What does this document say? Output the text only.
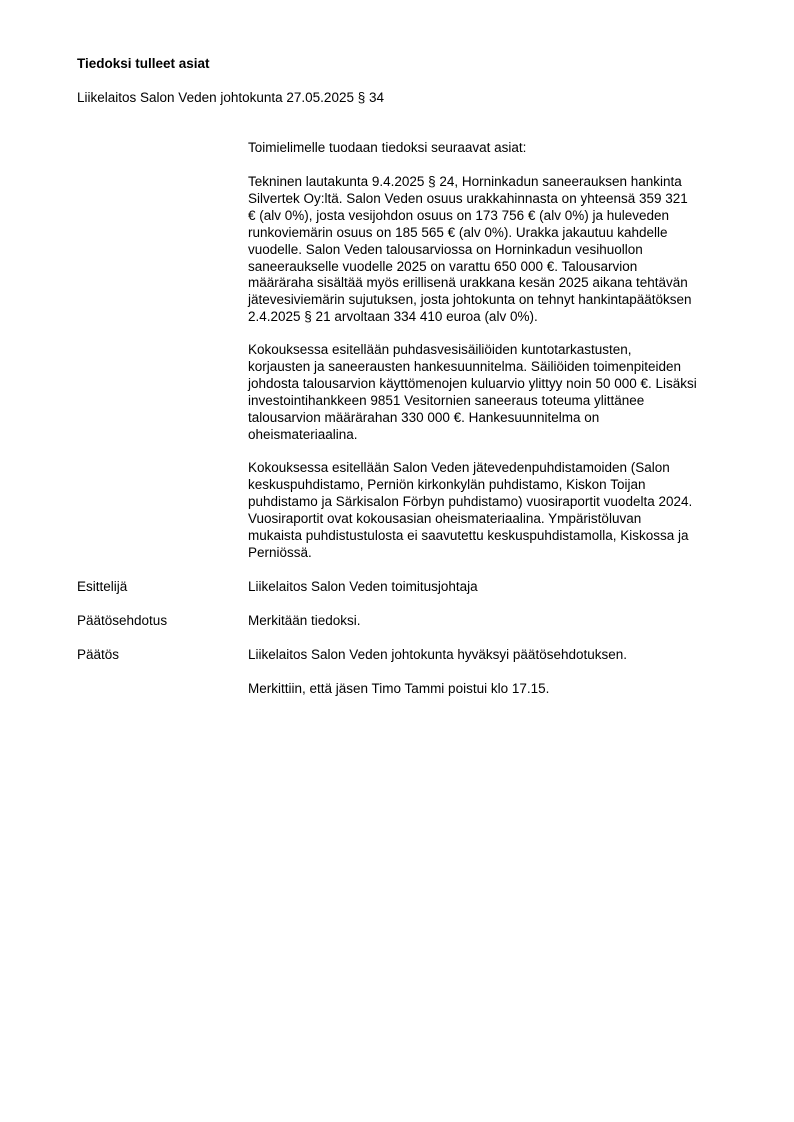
Tiedoksi tulleet asiat
Liikelaitos Salon Veden johtokunta 27.05.2025 § 34
Toimielimelle tuodaan tiedoksi seuraavat asiat:
Tekninen lautakunta 9.4.2025 § 24, Horninkadun saneerauksen hankinta
Silvertek Oy:ltä. Salon Veden osuus urakkahinnasta on yhteensä 359 321
€ (alv 0%), josta vesijohdon osuus on 173 756 € (alv 0%) ja huleveden
runkoviemärin osuus on 185 565 € (alv 0%). Urakka jakautuu kahdelle
vuodelle. Salon Veden talousarviossa on Horninkadun vesihuollon
saneeraukselle vuodelle 2025 on varattu 650 000 €. Talousarvion
määräraha sisältää myös erillisenä urakkana kesän 2025 aikana tehtävän
jätevesiviemärin sujutuksen, josta johtokunta on tehnyt hankintapäätöksen
2.4.2025 § 21 arvoltaan 334 410 euroa (alv 0%).
Kokouksessa esitellään puhdasvesisäiliöiden kuntotarkastusten,
korjausten ja saneerausten hankesuunnitelma. Säiliöiden toimenpiteiden
johdosta talousarvion käyttömenojen kuluarvio ylittyy noin 50 000 €. Lisäksi
investointihankkeen 9851 Vesitornien saneeraus toteuma ylittänee
talousarvion määrärahan 330 000 €. Hankesuunnitelma on
oheismateriaalina.
Kokouksessa esitellään Salon Veden jätevedenpuhdistamoiden (Salon
keskuspuhdistamo, Perniön kirkonkylän puhdistamo, Kiskon Toijan
puhdistamo ja Särkisalon Förbyn puhdistamo) vuosiraportit vuodelta 2024.
Vuosiraportit ovat kokousasian oheismateriaalina. Ympäristöluvan
mukaista puhdistustulosta ei saavutettu keskuspuhdistamolla, Kiskossa ja
Perniössä.
Esittelijä	Liikelaitos Salon Veden toimitusjohtaja
Päätösehdotus	Merkitään tiedoksi.
Päätös	Liikelaitos Salon Veden johtokunta hyväksyi päätösehdotuksen.
Merkittiin, että jäsen Timo Tammi poistui klo 17.15.
